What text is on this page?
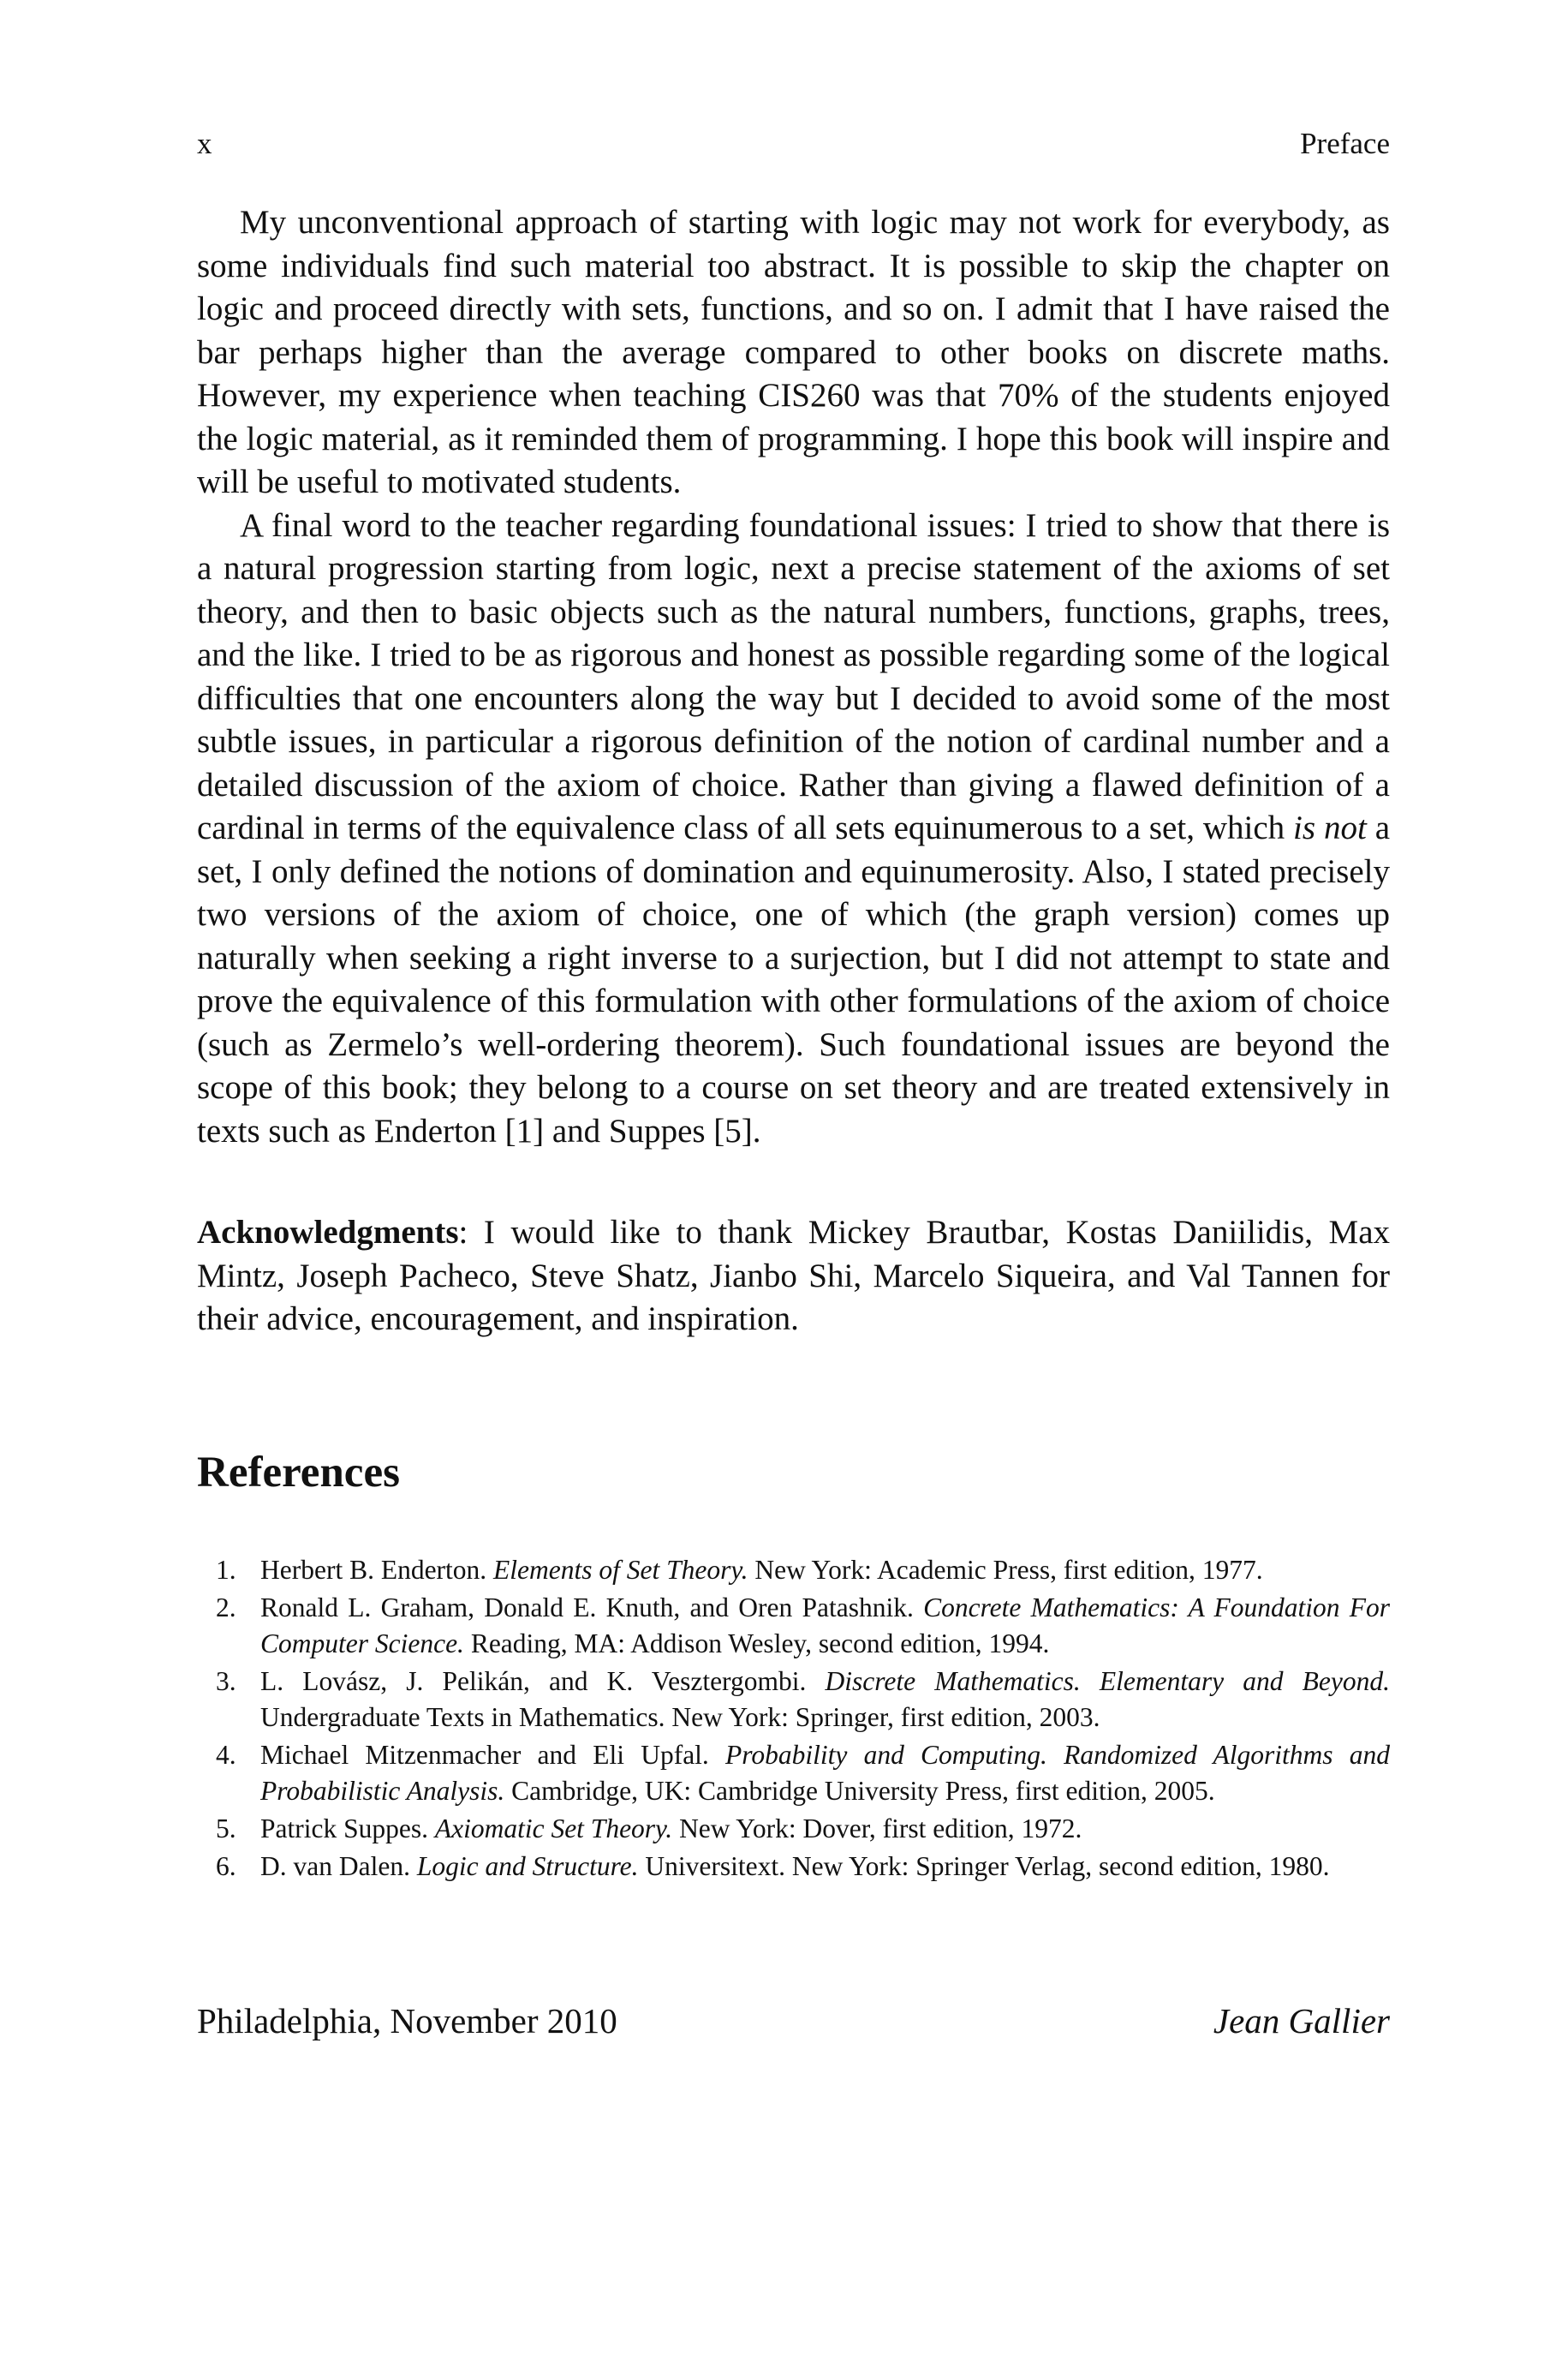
x	Preface

My unconventional approach of starting with logic may not work for everybody, as some individuals find such material too abstract. It is possible to skip the chapter on logic and proceed directly with sets, functions, and so on. I admit that I have raised the bar perhaps higher than the average compared to other books on discrete maths. However, my experience when teaching CIS260 was that 70% of the students enjoyed the logic material, as it reminded them of programming. I hope this book will inspire and will be useful to motivated students.

A final word to the teacher regarding foundational issues: I tried to show that there is a natural progression starting from logic, next a precise statement of the axioms of set theory, and then to basic objects such as the natural numbers, functions, graphs, trees, and the like. I tried to be as rigorous and honest as possible regarding some of the logical difficulties that one encounters along the way but I decided to avoid some of the most subtle issues, in particular a rigorous definition of the notion of cardinal number and a detailed discussion of the axiom of choice. Rather than giving a flawed definition of a cardinal in terms of the equivalence class of all sets equinumerous to a set, which is not a set, I only defined the notions of domination and equinumerosity. Also, I stated precisely two versions of the axiom of choice, one of which (the graph version) comes up naturally when seeking a right inverse to a surjection, but I did not attempt to state and prove the equivalence of this formulation with other formulations of the axiom of choice (such as Zermelo’s well-ordering theorem). Such foundational issues are beyond the scope of this book; they belong to a course on set theory and are treated extensively in texts such as Enderton [1] and Suppes [5].

Acknowledgments: I would like to thank Mickey Brautbar, Kostas Daniilidis, Max Mintz, Joseph Pacheco, Steve Shatz, Jianbo Shi, Marcelo Siqueira, and Val Tannen for their advice, encouragement, and inspiration.
References
1. Herbert B. Enderton. Elements of Set Theory. New York: Academic Press, first edition, 1977.
2. Ronald L. Graham, Donald E. Knuth, and Oren Patashnik. Concrete Mathematics: A Foundation For Computer Science. Reading, MA: Addison Wesley, second edition, 1994.
3. L. Lovász, J. Pelikán, and K. Vesztergombi. Discrete Mathematics. Elementary and Beyond. Undergraduate Texts in Mathematics. New York: Springer, first edition, 2003.
4. Michael Mitzenmacher and Eli Upfal. Probability and Computing. Randomized Algorithms and Probabilistic Analysis. Cambridge, UK: Cambridge University Press, first edition, 2005.
5. Patrick Suppes. Axiomatic Set Theory. New York: Dover, first edition, 1972.
6. D. van Dalen. Logic and Structure. Universitext. New York: Springer Verlag, second edition, 1980.
Philadelphia, November 2010	Jean Gallier
